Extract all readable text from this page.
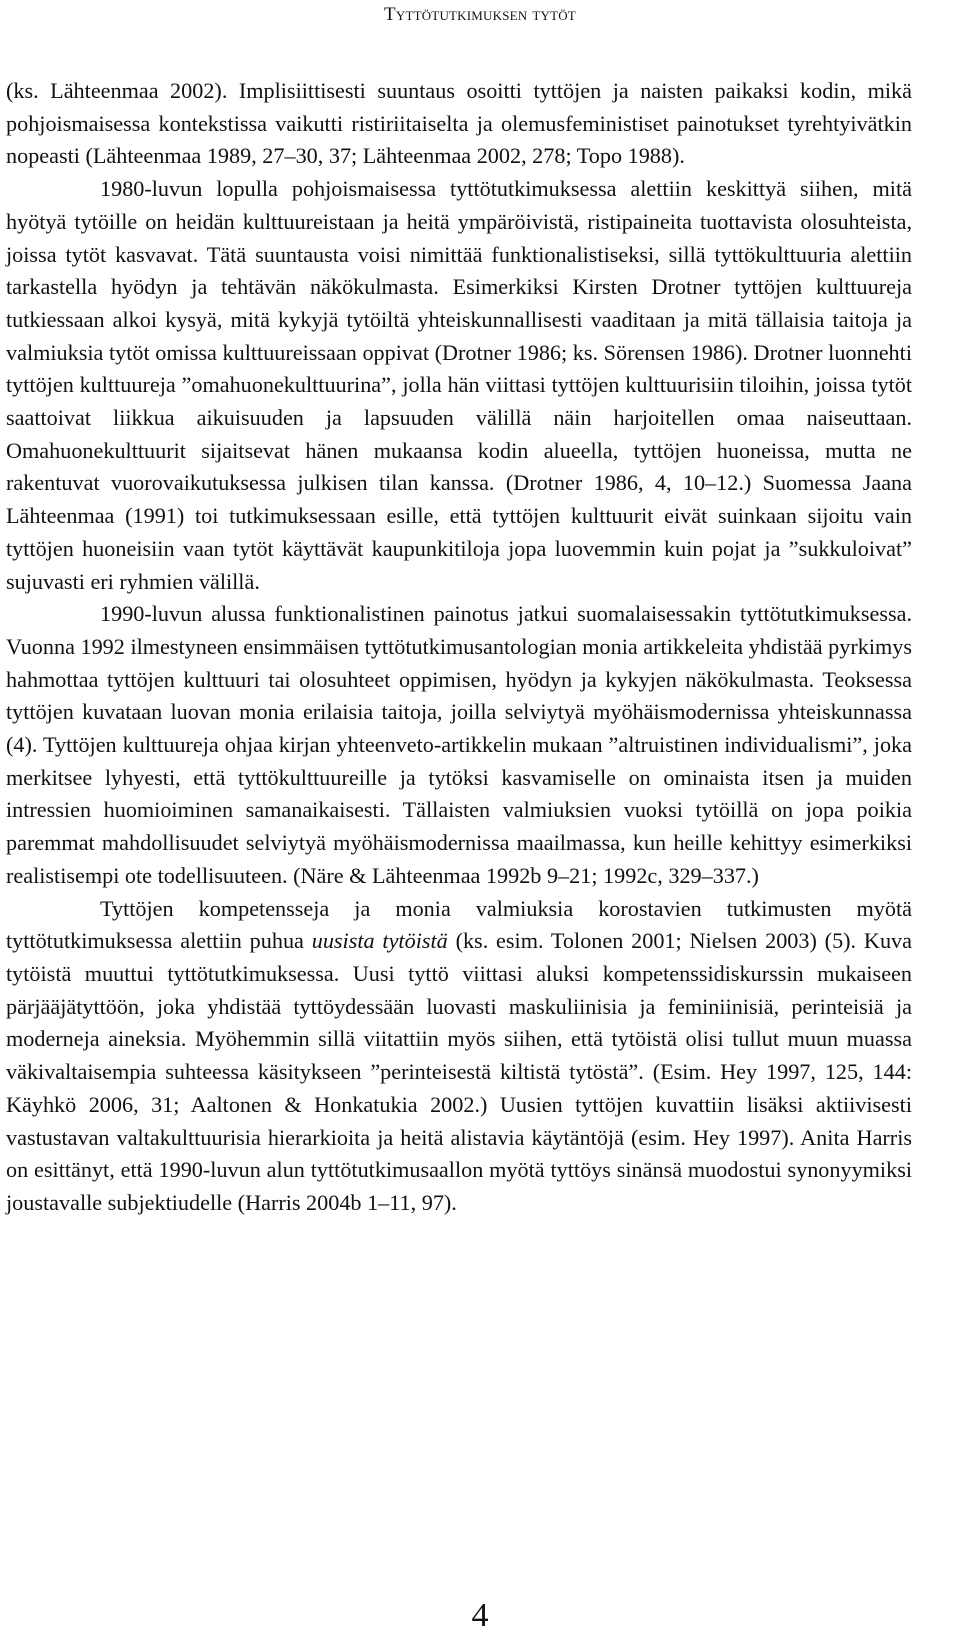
Tyttötutkimuksen tytöt

(ks. Lähteenmaa 2002). Implisiittisesti suuntaus osoitti tyttöjen ja naisten paikaksi kodin, mikä pohjoismaisessa kontekstissa vaikutti ristiriitaiselta ja olemusfeministiset painotukset tyrehtyivätkin nopeasti (Lähteenmaa 1989, 27–30, 37; Lähteenmaa 2002, 278; Topo 1988).

1980-luvun lopulla pohjoismaisessa tyttötutkimuksessa alettiin keskittyä siihen, mitä hyötyä tytöille on heidän kulttuureistaan ja heitä ympäröivistä, ristipaineita tuottavista olosuhteista, joissa tytöt kasvavat. Tätä suuntausta voisi nimittää funktionalistiseksi, sillä tyttökulttuuria alettiin tarkastella hyödyn ja tehtävän näkökulmasta. Esimerkiksi Kirsten Drotner tyttöjen kulttuureja tutkiessaan alkoi kysyä, mitä kykyjä tytöiltä yhteiskunnallisesti vaaditaan ja mitä tällaisia taitoja ja valmiuksia tytöt omissa kulttuureissaan oppivat (Drotner 1986; ks. Sörensen 1986). Drotner luonnehti tyttöjen kulttuureja ”omahuonekulttuurina”, jolla hän viittasi tyttöjen kulttuurisiin tiloihin, joissa tytöt saattoivat liikkua aikuisuuden ja lapsuuden välillä näin harjoitellen omaa naiseuttaan. Omahuonekulttuurit sijaitsevat hänen mukaansa kodin alueella, tyttöjen huoneissa, mutta ne rakentuvat vuorovaikutuksessa julkisen tilan kanssa. (Drotner 1986, 4, 10–12.) Suomessa Jaana Lähteenmaa (1991) toi tutkimuksessaan esille, että tyttöjen kulttuurit eivät suinkaan sijoitu vain tyttöjen huoneisiin vaan tytöt käyttävät kaupunkitiloja jopa luovemmin kuin pojat ja ”sukkuloivat” sujuvasti eri ryhmien välillä.

1990-luvun alussa funktionalistinen painotus jatkui suomalaisessakin tyttötutkimuksessa. Vuonna 1992 ilmestyneen ensimmäisen tyttötutkimusantologian monia artikkeleita yhdistää pyrkimys hahmottaa tyttöjen kulttuuri tai olosuhteet oppimisen, hyödyn ja kykyjen näkökulmasta. Teoksessa tyttöjen kuvataan luovan monia erilaisia taitoja, joilla selviytyä myöhäismodernissa yhteiskunnassa (4). Tyttöjen kulttuureja ohjaa kirjan yhteenveto-artikkelin mukaan ”altruistinen individualismi”, joka merkitsee lyhyesti, että tyttökulttuureille ja tytöksi kasvamiselle on ominaista itsen ja muiden intressien huomioiminen samanaikaisesti. Tällaisten valmiuksien vuoksi tytöillä on jopa poikia paremmat mahdollisuudet selviytyä myöhäismodernissa maailmassa, kun heille kehittyy esimerkiksi realistisempi ote todellisuuteen. (Näre & Lähteenmaa 1992b 9–21; 1992c, 329–337.)

Tyttöjen kompetensseja ja monia valmiuksia korostavien tutkimusten myötä tyttötutkimuksessa alettiin puhua uusista tytöistä (ks. esim. Tolonen 2001; Nielsen 2003) (5). Kuva tytöistä muuttui tyttötutkimuksessa. Uusi tyttö viittasi aluksi kompetenssidiskurssin mukaiseen pärjääjätyttöön, joka yhdistää tyttöydessään luovasti maskuliinisia ja feminiinisiä, perinteisiä ja moderneja aineksia. Myöhemmin sillä viitattiin myös siihen, että tytöistä olisi tullut muun muassa väkivaltaisempia suhteessa käsitykseen ”perinteisestä kiltistä tytöstä”. (Esim. Hey 1997, 125, 144: Käyhkö 2006, 31; Aaltonen & Honkatukia 2002.) Uusien tyttöjen kuvattiin lisäksi aktiivisesti vastustavan valtakulttuurisia hierarkioita ja heitä alistavia käytäntöjä (esim. Hey 1997). Anita Harris on esittänyt, että 1990-luvun alun tyttötutkimusaallon myötä tyttöys sinänsä muodostui synonyymiksi joustavalle subjektiudelle (Harris 2004b 1–11, 97).

4
